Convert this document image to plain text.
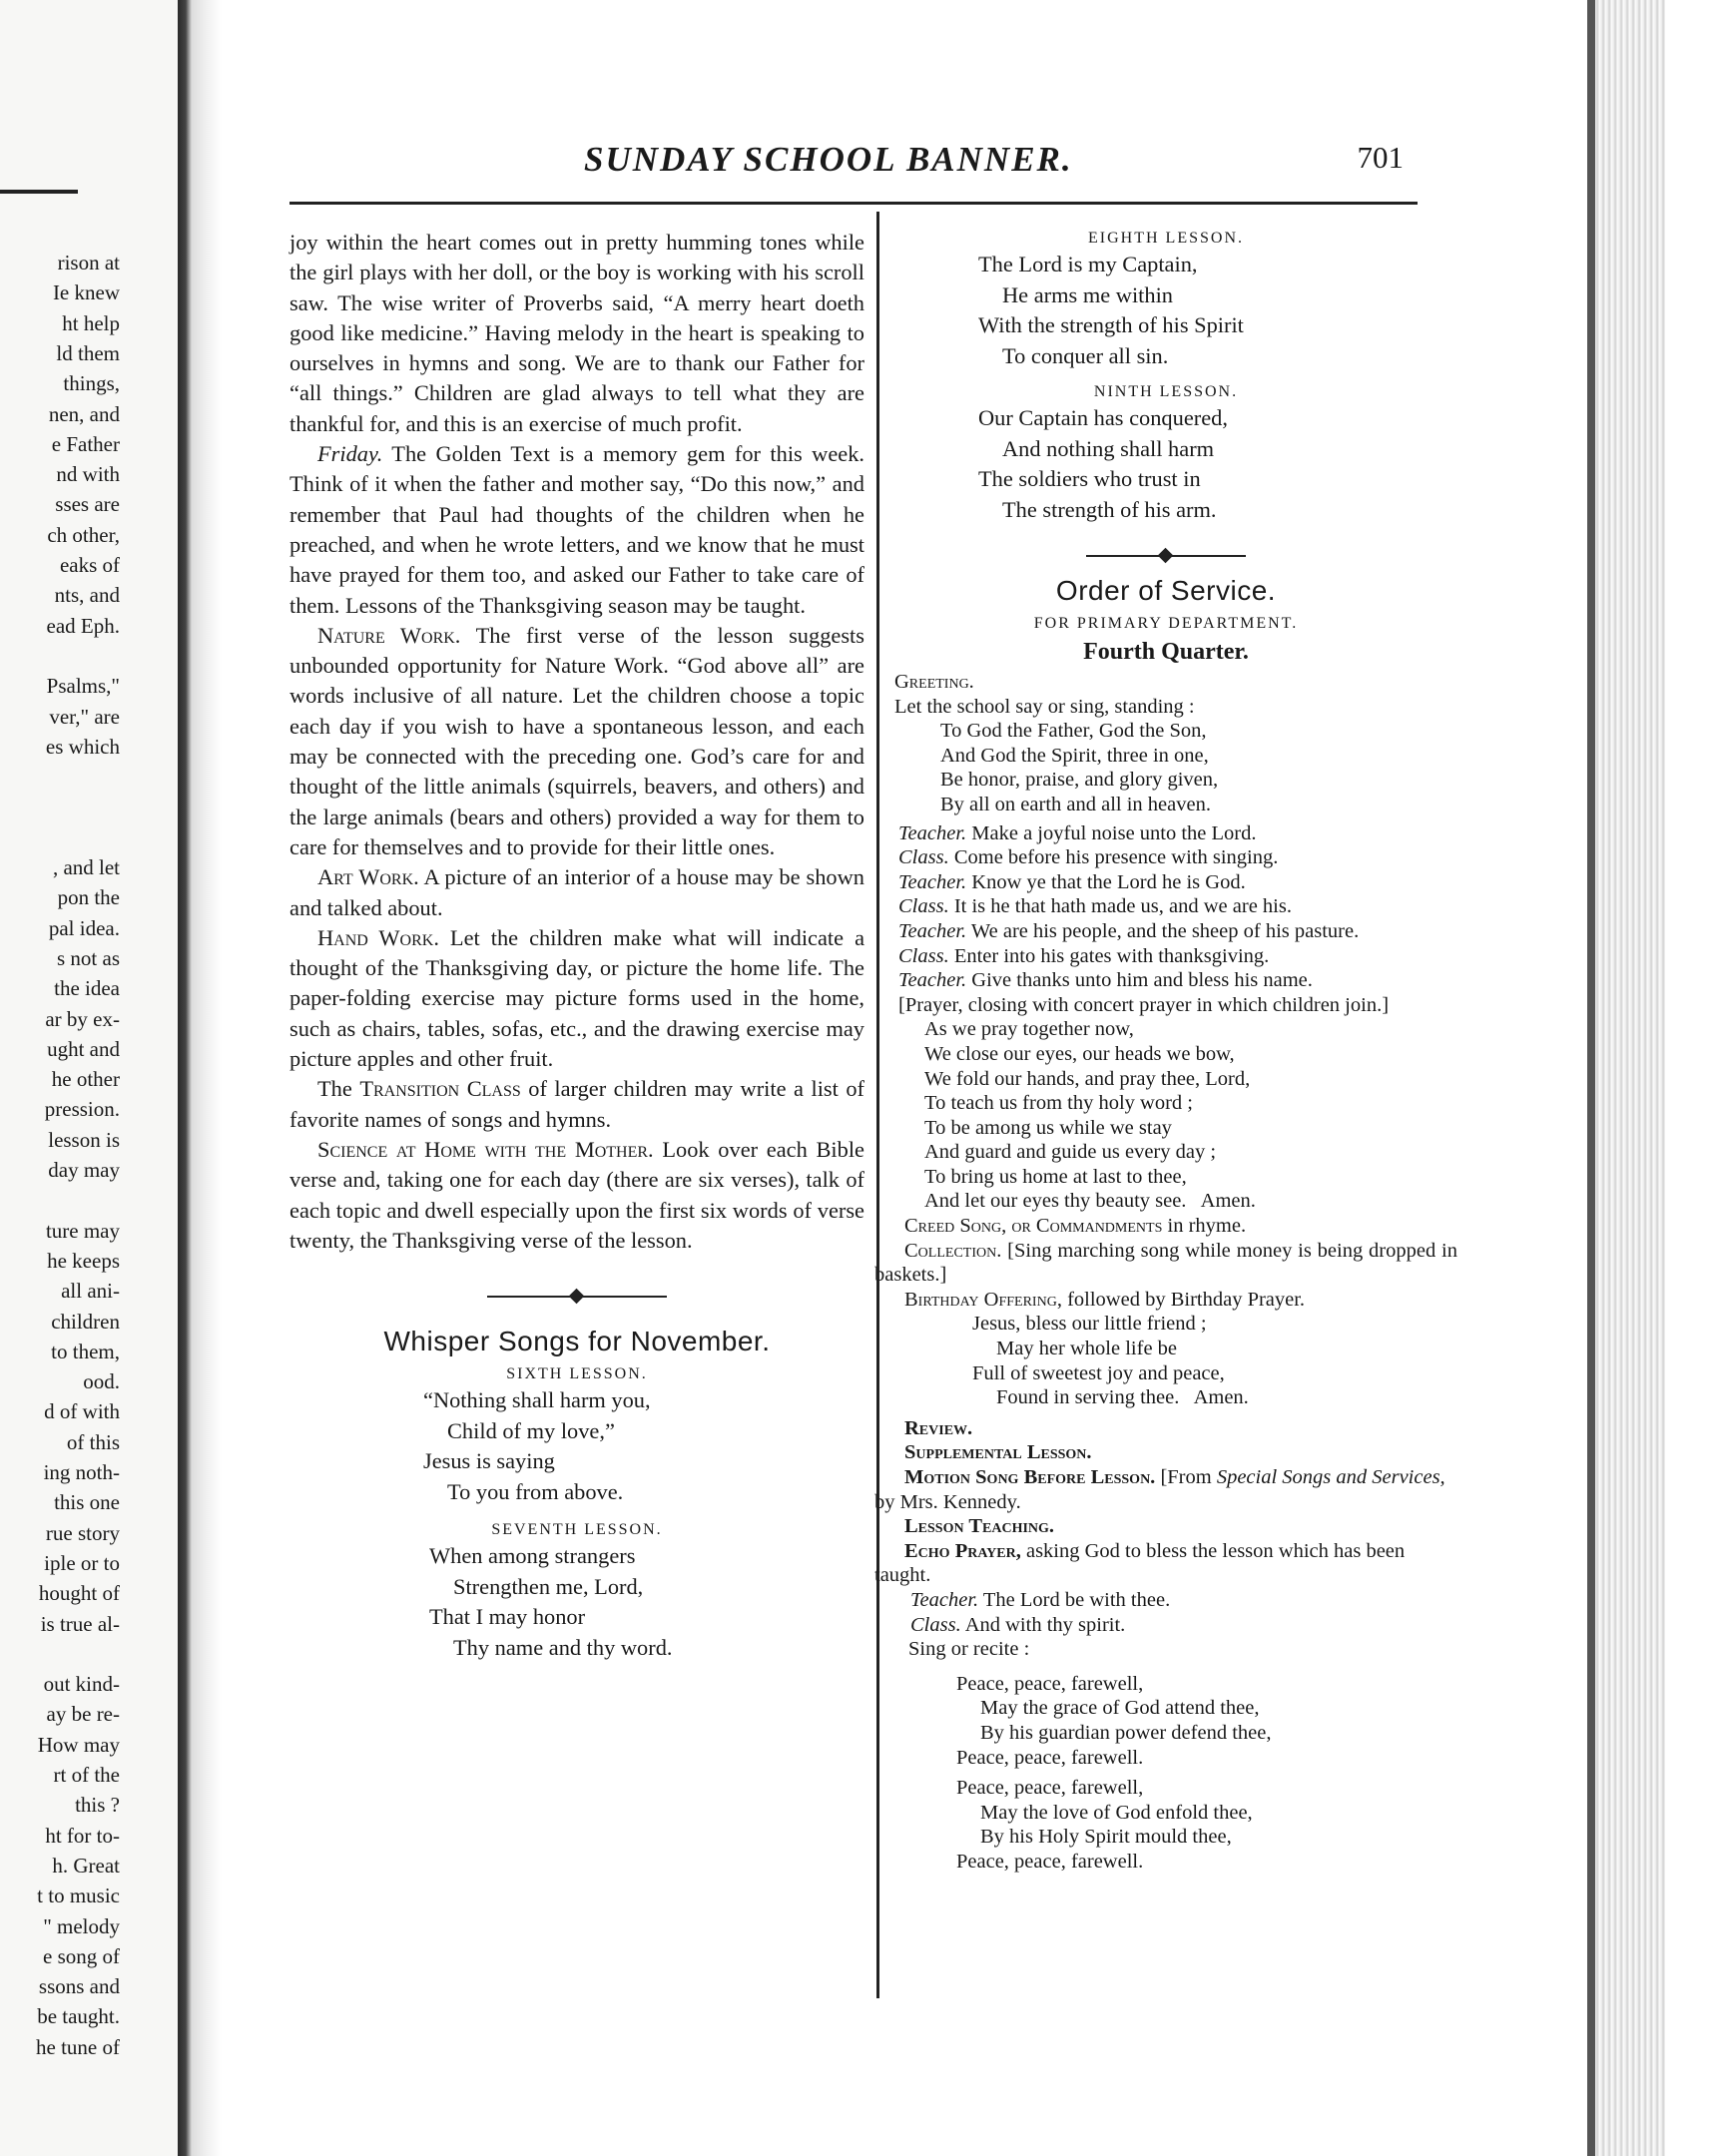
rison at
Ie knew
ht help
ld them
things,
nen, and
e Father
nd with
sses are
ch other,
eaks of
nts, and
ead Eph.
Psalms,"
ver," are
es which
, and let
pon the
pal idea.
s not as
the idea
ar by ex-
ught and
he other
pression.
lesson is
day may
ture may
he keeps
all ani-
children
to them,
ood.
d of with
of this
ing noth-
this one
rue story
iple or to
hought of
is true al-
out kind-
ay be re-
How may
rt of the
this ?
ht for to-
h. Great
t to music
" melody
e song of
ssons and
be taught.
he tune of
SUNDAY SCHOOL BANNER.	701

joy within the heart comes out in pretty humming tones while the girl plays with her doll, or the boy is working with his scroll saw. The wise writer of Proverbs said, “A merry heart doeth good like medicine.” Having melody in the heart is speaking to ourselves in hymns and song. We are to thank our Father for “all things.” Children are glad always to tell what they are thankful for, and this is an exercise of much profit.

Friday. The Golden Text is a memory gem for this week. Think of it when the father and mother say, “Do this now,” and remember that Paul had thoughts of the children when he preached, and when he wrote letters, and we know that he must have prayed for them too, and asked our Father to take care of them. Lessons of the Thanksgiving season may be taught.

Nature Work. The first verse of the lesson suggests unbounded opportunity for Nature Work. “God above all” are words inclusive of all nature. Let the children choose a topic each day if you wish to have a spontaneous lesson, and each may be connected with the preceding one. God’s care for and thought of the little animals (squirrels, beavers, and others) and the large animals (bears and others) provided a way for them to care for themselves and to provide for their little ones.

Art Work. A picture of an interior of a house may be shown and talked about.

Hand Work. Let the children make what will indicate a thought of the Thanksgiving day, or picture the home life. The paper-folding exercise may picture forms used in the home, such as chairs, tables, sofas, etc., and the drawing exercise may picture apples and other fruit.

The Transition Class of larger children may write a list of favorite names of songs and hymns.

Science at Home with the Mother. Look over each Bible verse and, taking one for each day (there are six verses), talk of each topic and dwell especially upon the first six words of verse twenty, the Thanksgiving verse of the lesson.

Whisper Songs for November.
SIXTH LESSON.
“Nothing shall harm you,
Child of my love,”
Jesus is saying
To you from above.
SEVENTH LESSON.
When among strangers
Strengthen me, Lord,
That I may honor
Thy name and thy word.
EIGHTH LESSON.
The Lord is my Captain,
He arms me within
With the strength of his Spirit
To conquer all sin.
NINTH LESSON.
Our Captain has conquered,
And nothing shall harm
The soldiers who trust in
The strength of his arm.
Order of Service.
FOR PRIMARY DEPARTMENT.
Fourth Quarter.
Greeting.
Let the school say or sing, standing :
To God the Father, God the Son,
And God the Spirit, three in one,
Be honor, praise, and glory given,
By all on earth and all in heaven.

Teacher. Make a joyful noise unto the Lord.

Class. Come before his presence with singing.

Teacher. Know ye that the Lord he is God.

Class. It is he that hath made us, and we are his.

Teacher. We are his people, and the sheep of his pasture.

Class. Enter into his gates with thanksgiving.

Teacher. Give thanks unto him and bless his name.

[Prayer, closing with concert prayer in which children join.]

As we pray together now,
We close our eyes, our heads we bow,
We fold our hands, and pray thee, Lord,
To teach us from thy holy word ;
To be among us while we stay
And guard and guide us every day ;
To bring us home at last to thee,
And let our eyes thy beauty see.   Amen.

Creed Song, or Commandments in rhyme.

Collection. [Sing marching song while money is being dropped in baskets.]

Birthday Offering, followed by Birthday Prayer.

Jesus, bless our little friend ;
May her whole life be
Full of sweetest joy and peace,
Found in serving thee.   Amen.
Review.
Supplemental Lesson.

Motion Song Before Lesson. [From Special Songs and Services, by Mrs. Kennedy.

Lesson Teaching.

Echo Prayer, asking God to bless the lesson which has been taught.

Teacher. The Lord be with thee.

Class. And with thy spirit.

Sing or recite :
Peace, peace, farewell,
May the grace of God attend thee,
By his guardian power defend thee,
Peace, peace, farewell.
Peace, peace, farewell,
May the love of God enfold thee,
By his Holy Spirit mould thee,
Peace, peace, farewell.
